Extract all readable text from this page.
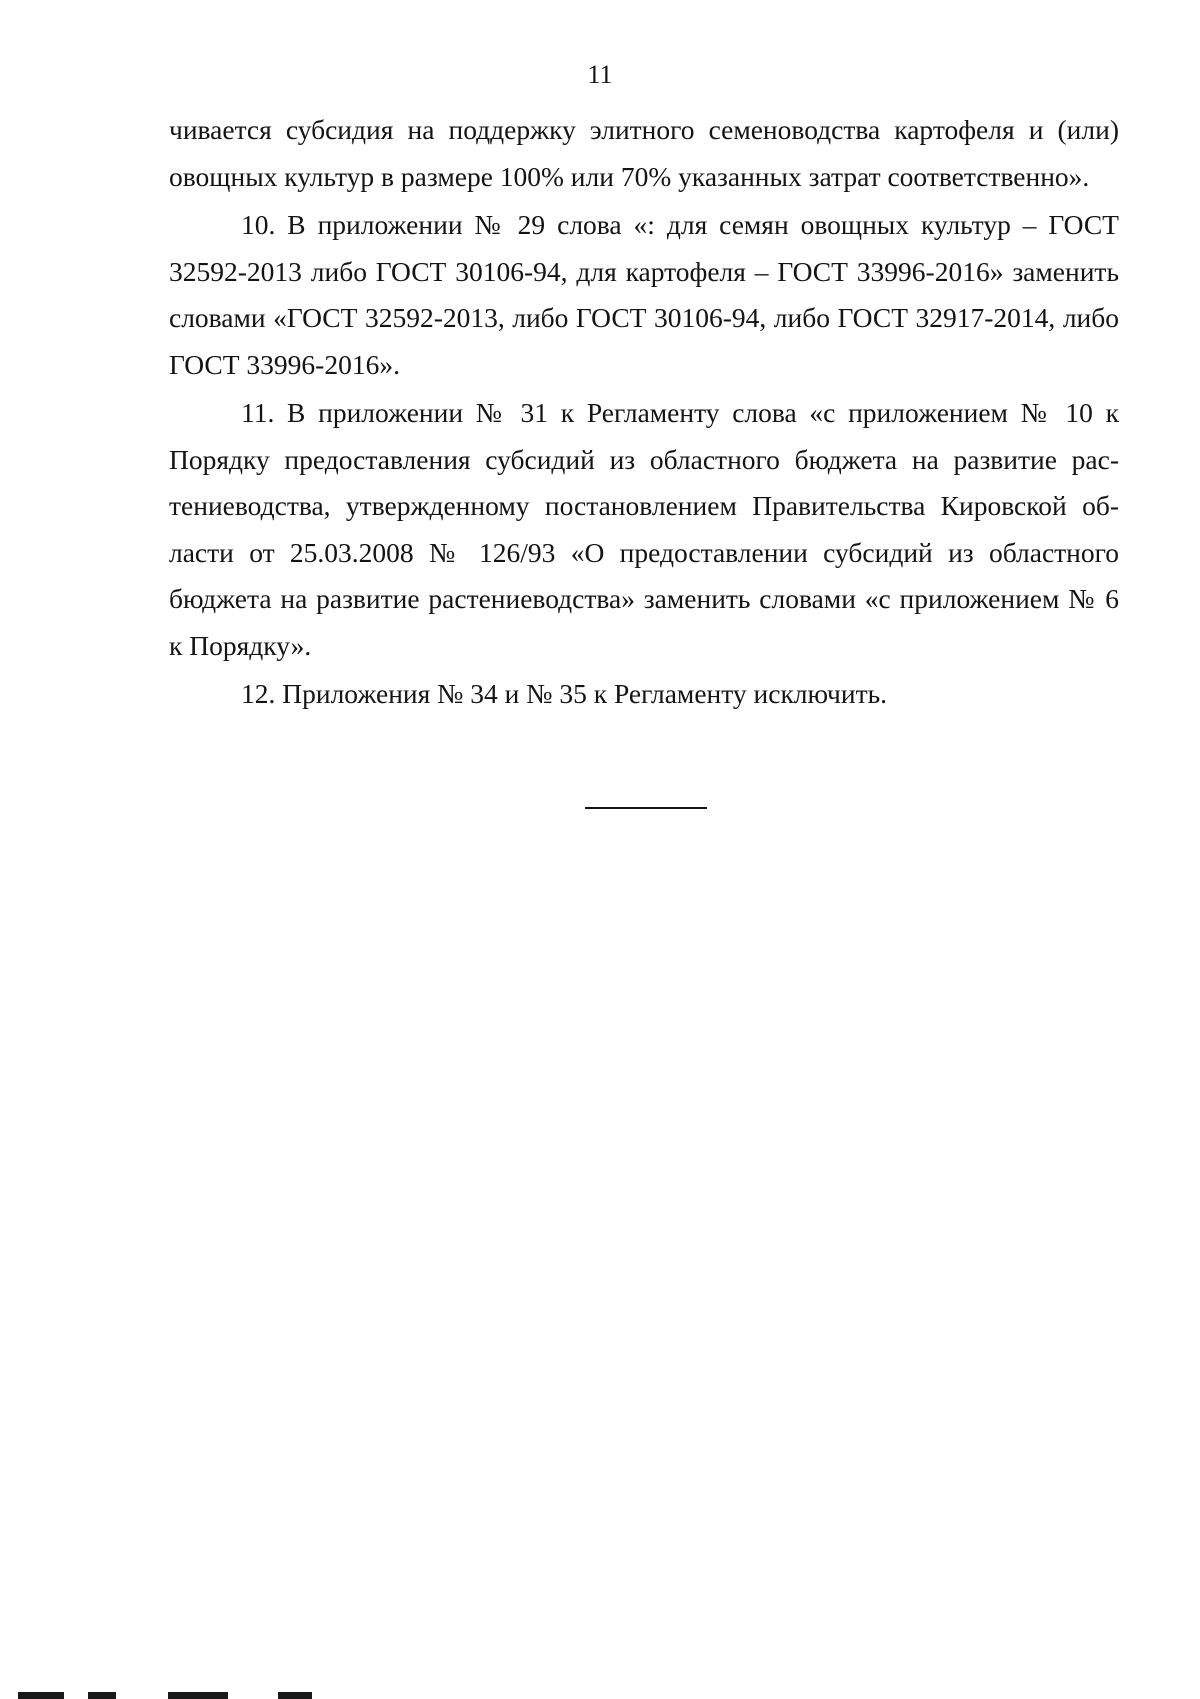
11

чивается субсидия на поддержку элитного семеноводства картофеля и (или) овощных культур в размере 100% или 70% указанных затрат соответственно».

10. В приложении № 29 слова «: для семян овощных культур – ГОСТ 32592-2013 либо ГОСТ 30106-94, для картофеля – ГОСТ 33996-2016» заменить словами «ГОСТ 32592-2013, либо ГОСТ 30106-94, либо ГОСТ 32917-2014, либо ГОСТ 33996-2016».

11. В приложении № 31 к Регламенту слова «с приложением № 10 к Порядку предоставления субсидий из областного бюджета на развитие растениеводства, утвержденному постановлением Правительства Кировской области от 25.03.2008 № 126/93 «О предоставлении субсидий из областного бюджета на развитие растениеводства» заменить словами «с приложением № 6 к Порядку».

12. Приложения № 34 и № 35 к Регламенту исключить.
